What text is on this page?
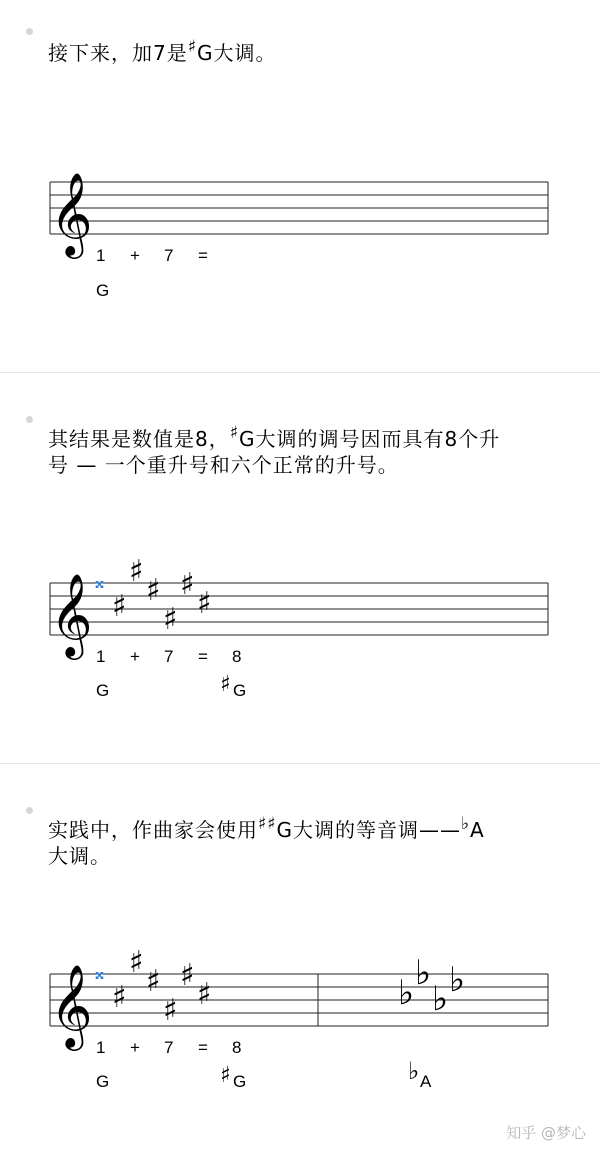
接下来，加7是♯G大调。
𝄞
1 + 7 =
G
其结果是数值是8，♯G大调的调号因而具有8个升
号 — 一个重升号和六个正常的升号。
𝄞 𝄪
♯
♯
♯
♯
♯
♯
1 + 7 = 8
G	♯ G
实践中，作曲家会使用♯♯G大调的等音调——♭A
大调。
𝄞 𝄪
♯
♯
♯
♯
♯
♯	♭ ♭
♭ ♭
1 + 7 = 8
G	♯ G	♭ A
知乎 @梦心
